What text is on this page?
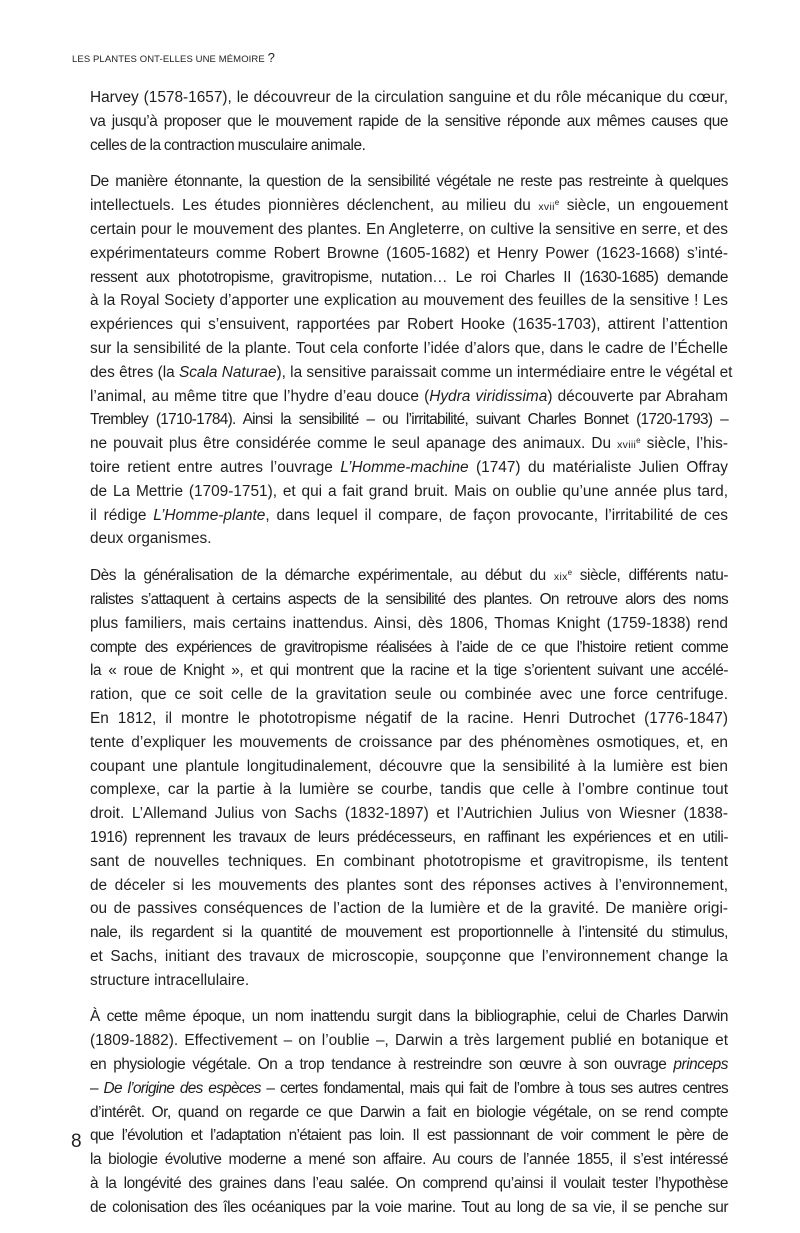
LES PLANTES ONT-ELLES UNE MÉMOIRE ?
Harvey (1578-1657), le découvreur de la circulation sanguine et du rôle mécanique du cœur,
va jusqu’à proposer que le mouvement rapide de la sensitive réponde aux mêmes causes que
celles de la contraction musculaire animale.
De manière étonnante, la question de la sensibilité végétale ne reste pas restreinte à quelques
intellectuels. Les études pionnières déclenchent, au milieu du xvii$^e$ siècle, un engouement
certain pour le mouvement des plantes. En Angleterre, on cultive la sensitive en serre, et des
expérimentateurs comme Robert Browne (1605-1682) et Henry Power (1623-1668) s’inté-
ressent aux phototropisme, gravitropisme, nutation… Le roi Charles II (1630-1685) demande
à la Royal Society d’apporter une explication au mouvement des feuilles de la sensitive ! Les
expériences qui s’ensuivent, rapportées par Robert Hooke (1635-1703), attirent l’attention
sur la sensibilité de la plante. Tout cela conforte l’idée d’alors que, dans le cadre de l’Échelle
des êtres (la Scala Naturae), la sensitive paraissait comme un intermédiaire entre le végétal et
l’animal, au même titre que l’hydre d’eau douce (Hydra viridissima) découverte par Abraham
Trembley (1710-1784). Ainsi la sensibilité – ou l’irritabilité, suivant Charles Bonnet (1720-1793) –
ne pouvait plus être considérée comme le seul apanage des animaux. Du xviii$^e$ siècle, l’his-
toire retient entre autres l’ouvrage L’Homme-machine (1747) du matérialiste Julien Offray
de La Mettrie (1709-1751), et qui a fait grand bruit. Mais on oublie qu’une année plus tard,
il rédige L’Homme-plante, dans lequel il compare, de façon provocante, l’irritabilité de ces
deux organismes.
Dès la généralisation de la démarche expérimentale, au début du xix$^e$ siècle, différents natu-
ralistes s’attaquent à certains aspects de la sensibilité des plantes. On retrouve alors des noms
plus familiers, mais certains inattendus. Ainsi, dès 1806, Thomas Knight (1759-1838) rend
compte des expériences de gravitropisme réalisées à l’aide de ce que l’histoire retient comme
la « roue de Knight », et qui montrent que la racine et la tige s’orientent suivant une accélé-
ration, que ce soit celle de la gravitation seule ou combinée avec une force centrifuge.
En 1812, il montre le phototropisme négatif de la racine. Henri Dutrochet (1776-1847)
tente d’expliquer les mouvements de croissance par des phénomènes osmotiques, et, en
coupant une plantule longitudinalement, découvre que la sensibilité à la lumière est bien
complexe, car la partie à la lumière se courbe, tandis que celle à l’ombre continue tout
droit. L’Allemand Julius von Sachs (1832-1897) et l’Autrichien Julius von Wiesner (1838-
1916) reprennent les travaux de leurs prédécesseurs, en raffinant les expériences et en utili-
sant de nouvelles techniques. En combinant phototropisme et gravitropisme, ils tentent
de déceler si les mouvements des plantes sont des réponses actives à l’environnement,
ou de passives conséquences de l’action de la lumière et de la gravité. De manière origi-
nale, ils regardent si la quantité de mouvement est proportionnelle à l’intensité du stimulus,
et Sachs, initiant des travaux de microscopie, soupçonne que l’environnement change la
structure intracellulaire.
À cette même époque, un nom inattendu surgit dans la bibliographie, celui de Charles Darwin
(1809-1882). Effectivement – on l’oublie –, Darwin a très largement publié en botanique et
en physiologie végétale. On a trop tendance à restreindre son œuvre à son ouvrage princeps
– De l’origine des espèces – certes fondamental, mais qui fait de l’ombre à tous ses autres centres
d’intérêt. Or, quand on regarde ce que Darwin a fait en biologie végétale, on se rend compte
que l’évolution et l’adaptation n’étaient pas loin. Il est passionnant de voir comment le père de
la biologie évolutive moderne a mené son affaire. Au cours de l’année 1855, il s’est intéressé
à la longévité des graines dans l’eau salée. On comprend qu’ainsi il voulait tester l’hypothèse
de colonisation des îles océaniques par la voie marine. Tout au long de sa vie, il se penche sur
8
